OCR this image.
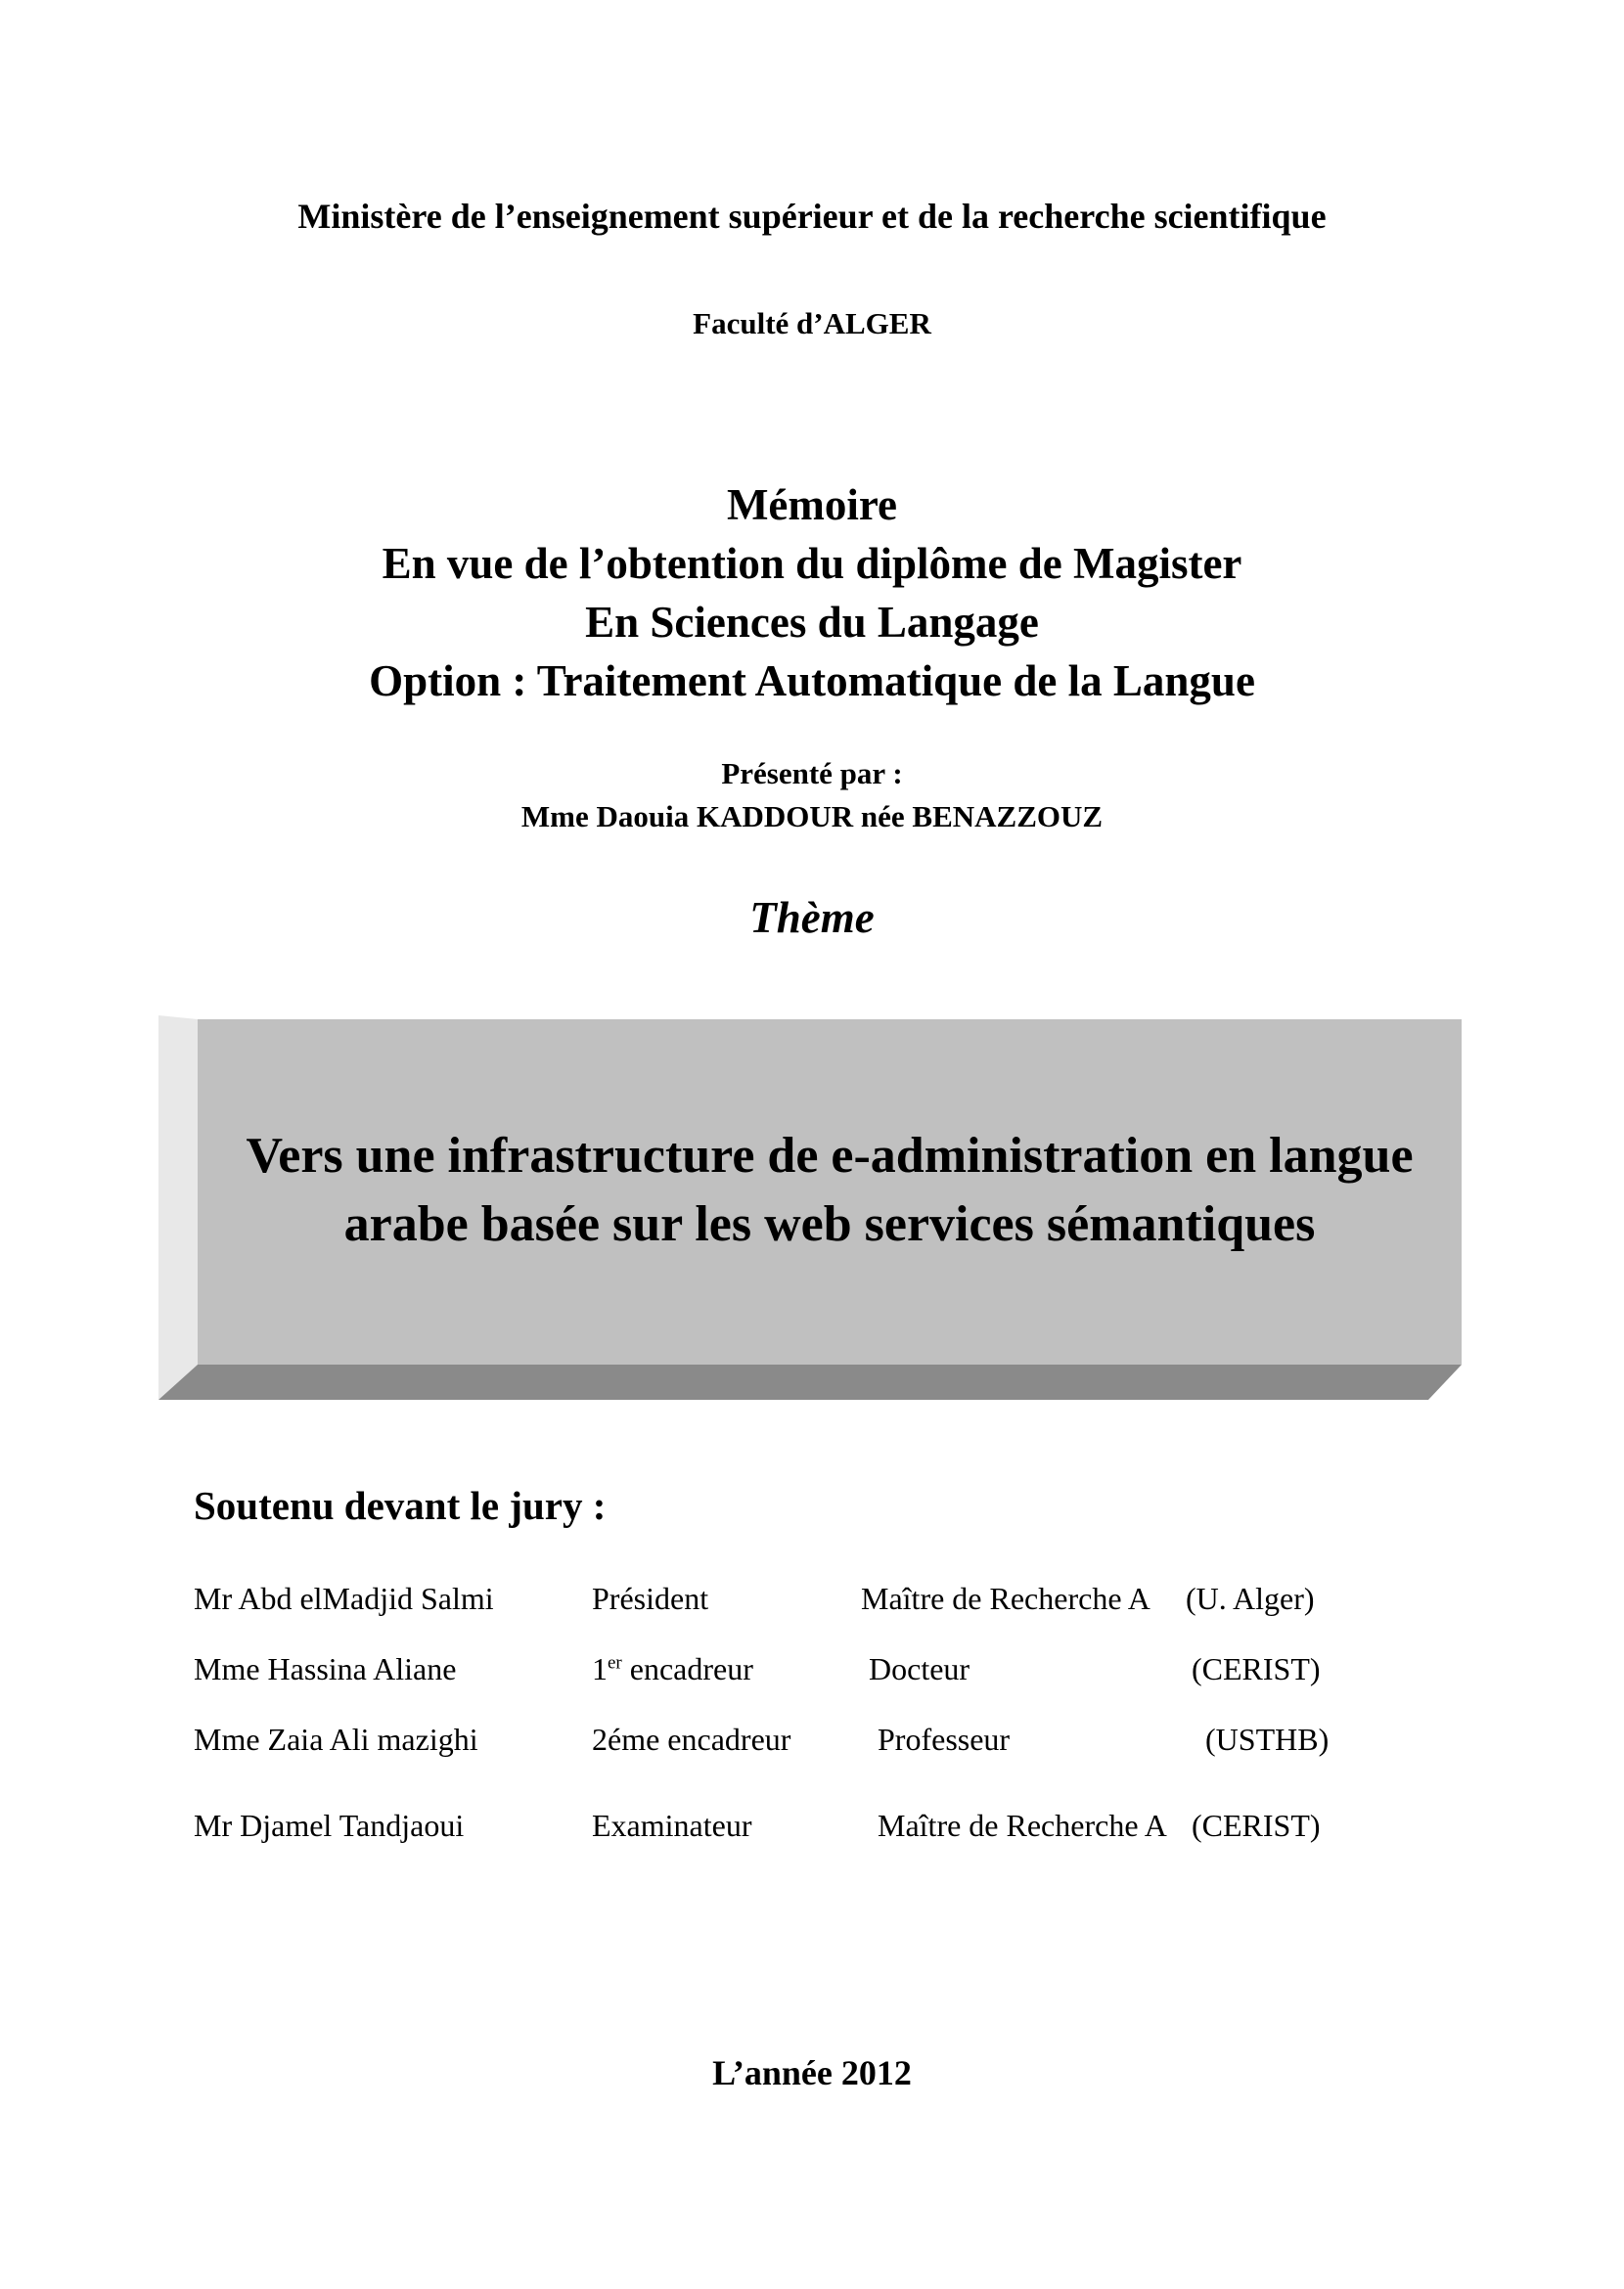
Ministère de l’enseignement supérieur et de la recherche scientifique
Faculté d’ALGER
Mémoire
En vue de l’obtention du diplôme de Magister
En Sciences du Langage
Option : Traitement Automatique de la Langue
Présenté par :
Mme Daouia KADDOUR née BENAZZOUZ
Thème
Vers une infrastructure de e-administration en langue arabe basée sur les web services sémantiques
Soutenu devant le jury :
Mr Abd elMadjid Salmi	Président	Maître de Recherche A (U. Alger)
Mme Hassina Aliane	1er encadreur	Docteur	(CERIST)
Mme Zaia Ali mazighi	2éme encadreur	Professeur	(USTHB)
Mr Djamel Tandjaoui	Examinateur	Maître de Recherche A (CERIST)
L’année 2012
